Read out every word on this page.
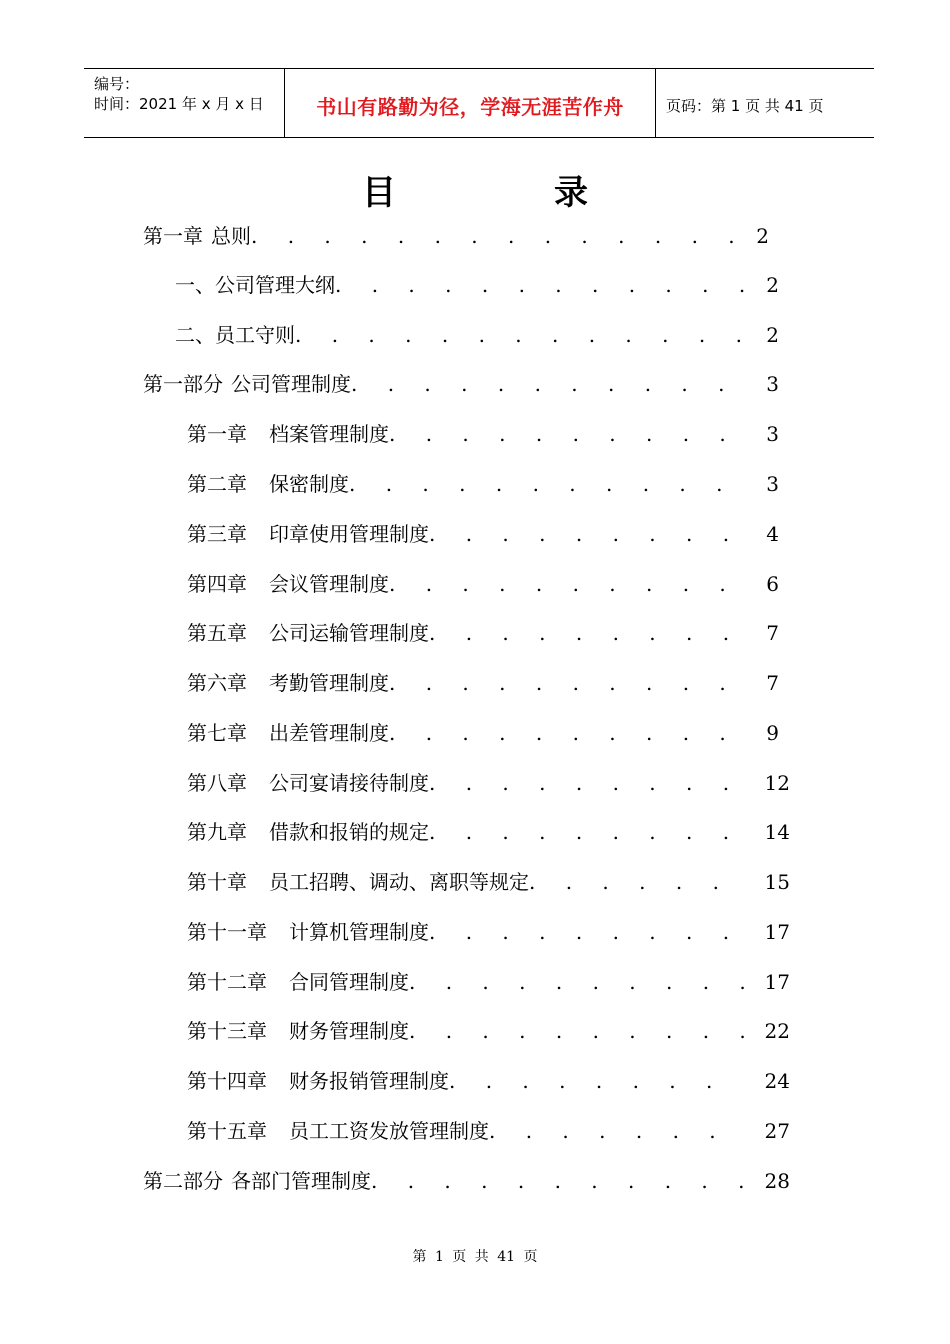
编号：
时间：2021 年 x 月 x 日	书山有路勤为径，学海无涯苦作舟	页码：第 1 页 共 41 页
目	录
第一章 总则. . . . . . . . . . . . . . 2
一、公司管理大纲. . . . . . . . . . . . 2
二、员工守则. . . . . . . . . . . . . 2
第一部分 公司管理制度. . . . . . . . . . . 3
第一章 档案管理制度. . . . . . . . . . 3
第二章 保密制度. . . . . . . . . . . 3
第三章 印章使用管理制度. . . . . . . . . 4
第四章 会议管理制度. . . . . . . . . . 6
第五章 公司运输管理制度. . . . . . . . . 7
第六章 考勤管理制度. . . . . . . . . . 7
第七章 出差管理制度. . . . . . . . . . 9
第八章 公司宴请接待制度. . . . . . . . . 12
第九章 借款和报销的规定. . . . . . . . . 14
第十章 员工招聘、调动、离职等规定. . . . . . 15
第十一章 计算机管理制度. . . . . . . . . 17
第十二章 合同管理制度. . . . . . . . . . 17
第十三章 财务管理制度. . . . . . . . . . 22
第十四章 财务报销管理制度. . . . . . . . 24
第十五章 员工工资发放管理制度. . . . . . . 27
第二部分 各部门管理制度. . . . . . . . . . . 28
第 1 页 共 41 页
